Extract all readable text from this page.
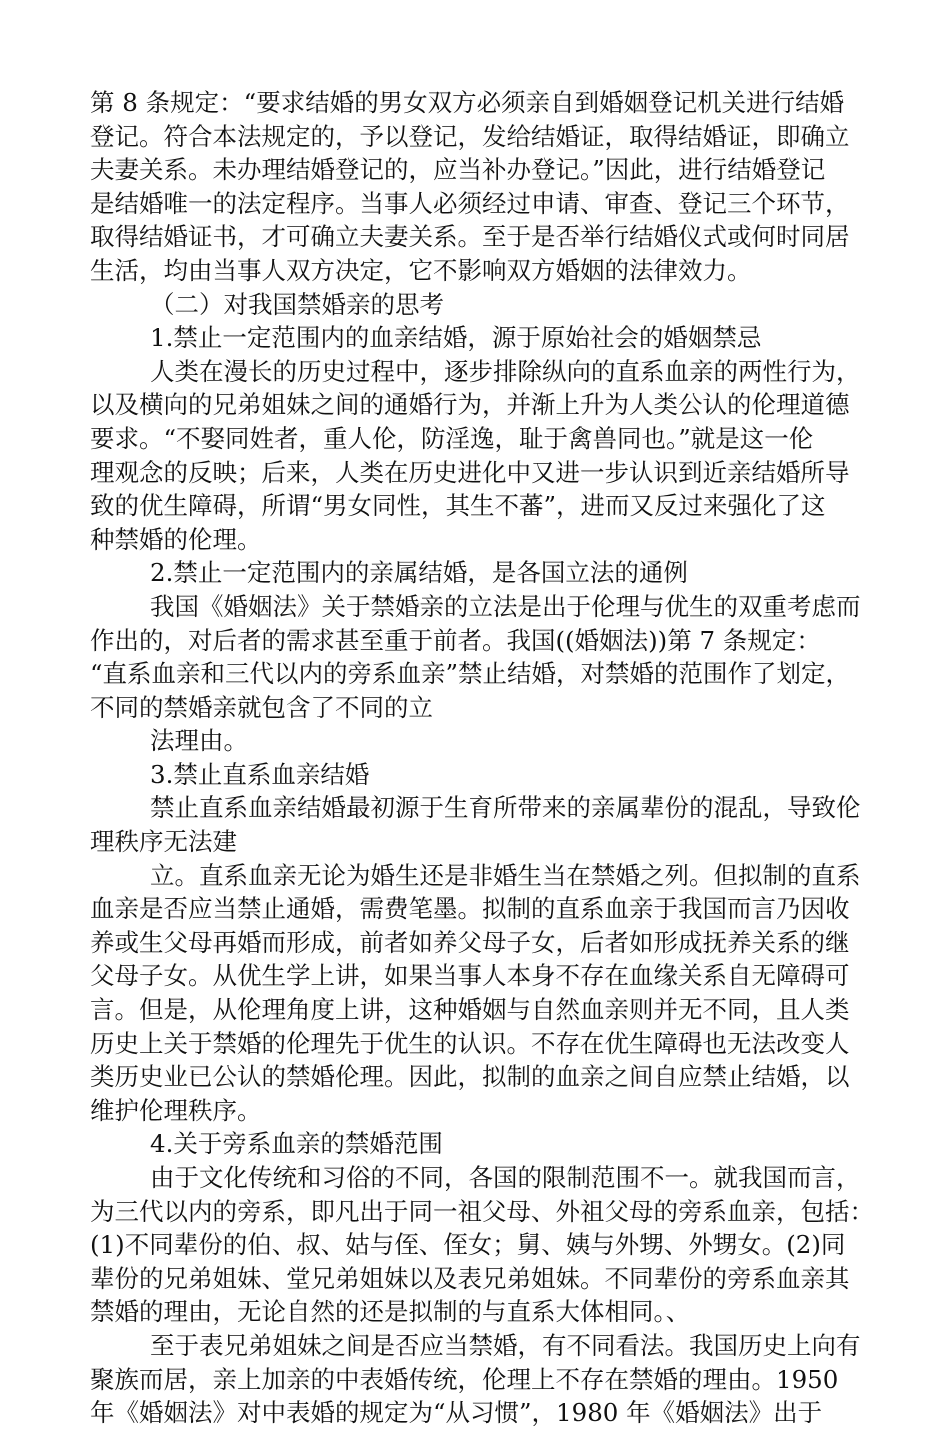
第 8 条规定：“要求结婚的男女双方必须亲自到婚姻登记机关进行结婚
登记。符合本法规定的，予以登记，发给结婚证，取得结婚证，即确立
夫妻关系。未办理结婚登记的，应当补办登记。”因此，进行结婚登记
是结婚唯一的法定程序。当事人必须经过申请、审查、登记三个环节，
取得结婚证书，才可确立夫妻关系。至于是否举行结婚仪式或何时同居
生活，均由当事人双方决定，它不影响双方婚姻的法律效力。
（二）对我国禁婚亲的思考
1.禁止一定范围内的血亲结婚，源于原始社会的婚姻禁忌
人类在漫长的历史过程中，逐步排除纵向的直系血亲的两性行为，
以及横向的兄弟姐妹之间的通婚行为，并渐上升为人类公认的伦理道德
要求。“不娶同姓者，重人伦，防淫逸，耻于禽兽同也。”就是这一伦
理观念的反映；后来，人类在历史进化中又进一步认识到近亲结婚所导
致的优生障碍，所谓“男女同性，其生不蕃”，进而又反过来强化了这
种禁婚的伦理。
2.禁止一定范围内的亲属结婚，是各国立法的通例
我国《婚姻法》关于禁婚亲的立法是出于伦理与优生的双重考虑而
作出的，对后者的需求甚至重于前者。我国((婚姻法))第 7 条规定：
“直系血亲和三代以内的旁系血亲”禁止结婚，对禁婚的范围作了划定，
不同的禁婚亲就包含了不同的立
法理由。
3.禁止直系血亲结婚
禁止直系血亲结婚最初源于生育所带来的亲属辈份的混乱，导致伦
理秩序无法建
立。直系血亲无论为婚生还是非婚生当在禁婚之列。但拟制的直系
血亲是否应当禁止通婚，需费笔墨。拟制的直系血亲于我国而言乃因收
养或生父母再婚而形成，前者如养父母子女，后者如形成抚养关系的继
父母子女。从优生学上讲，如果当事人本身不存在血缘关系自无障碍可
言。但是，从伦理角度上讲，这种婚姻与自然血亲则并无不同，且人类
历史上关于禁婚的伦理先于优生的认识。不存在优生障碍也无法改变人
类历史业已公认的禁婚伦理。因此，拟制的血亲之间自应禁止结婚，以
维护伦理秩序。
4.关于旁系血亲的禁婚范围
由于文化传统和习俗的不同，各国的限制范围不一。就我国而言，
为三代以内的旁系，即凡出于同一祖父母、外祖父母的旁系血亲，包括：
(1)不同辈份的伯、叔、姑与侄、侄女；舅、姨与外甥、外甥女。(2)同
辈份的兄弟姐妹、堂兄弟姐妹以及表兄弟姐妹。不同辈份的旁系血亲其
禁婚的理由，无论自然的还是拟制的与直系大体相同。、
至于表兄弟姐妹之间是否应当禁婚，有不同看法。我国历史上向有
聚族而居，亲上加亲的中表婚传统，伦理上不存在禁婚的理由。1950
年《婚姻法》对中表婚的规定为“从习惯”，1980 年《婚姻法》出于
